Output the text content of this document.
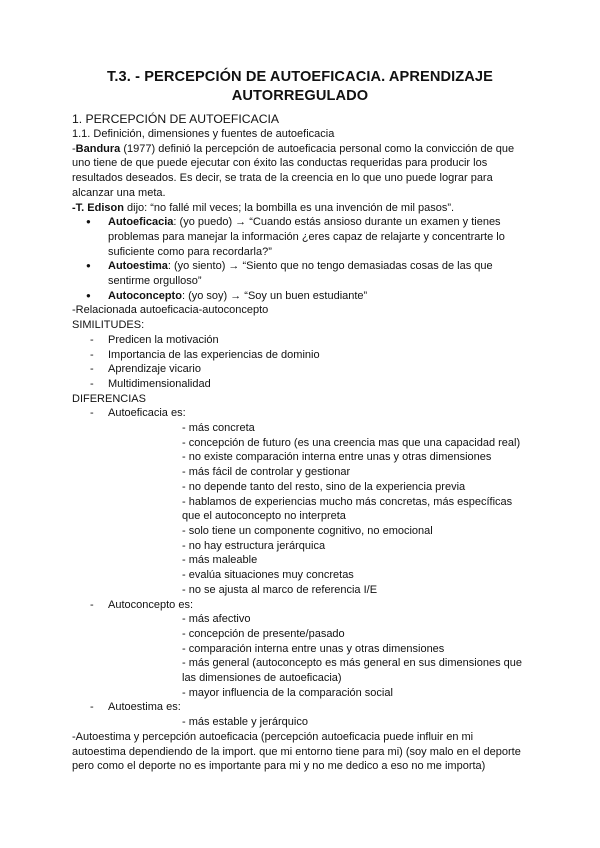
T.3. - PERCEPCIÓN DE AUTOEFICACIA. APRENDIZAJE AUTORREGULADO

1. PERCEPCIÓN DE AUTOEFICACIA

1.1. Definición, dimensiones y fuentes de autoeficacia

-Bandura (1977) definió la percepción de autoeficacia personal como la convicción de que uno tiene de que puede ejecutar con éxito las conductas requeridas para producir los resultados deseados. Es decir, se trata de la creencia en lo que uno puede lograr para alcanzar una meta.

-T. Edison dijo: “no fallé mil veces; la bombilla es una invención de mil pasos”.

● Autoeficacia: (yo puedo) → “Cuando estás ansioso durante un examen y tienes problemas para manejar la información ¿eres capaz de relajarte y concentrarte lo suficiente como para recordarla?”
● Autoestima: (yo siento) → “Siento que no tengo demasiadas cosas de las que sentirme orgulloso”
● Autoconcepto: (yo soy) → “Soy un buen estudiante”

-Relacionada autoeficacia-autoconcepto

SIMILITUDES:

- Predicen la motivación
- Importancia de las experiencias de dominio
- Aprendizaje vicario
- Multidimensionalidad

DIFERENCIAS

- Autoeficacia es:
- más concreta
- concepción de futuro (es una creencia mas que una capacidad real)
- no existe comparación interna entre unas y otras dimensiones
- más fácil de controlar y gestionar
- no depende tanto del resto, sino de la experiencia previa
- hablamos de experiencias mucho más concretas, más específicas que el autoconcepto no interpreta
- solo tiene un componente cognitivo, no emocional
- no hay estructura jerárquica
- más maleable
- evalúa situaciones muy concretas
- no se ajusta al marco de referencia I/E
- Autoconcepto es:
- más afectivo
- concepción de presente/pasado
- comparación interna entre unas y otras dimensiones
- más general (autoconcepto es más general en sus dimensiones que las dimensiones de autoeficacia)
- mayor influencia de la comparación social
- Autoestima es:
- más estable y jerárquico

-Autoestima y percepción autoeficacia (percepción autoeficacia puede influir en mi autoestima dependiendo de la import. que mi entorno tiene para mi) (soy malo en el deporte pero como el deporte no es importante para mi y no me dedico a eso no me importa)
